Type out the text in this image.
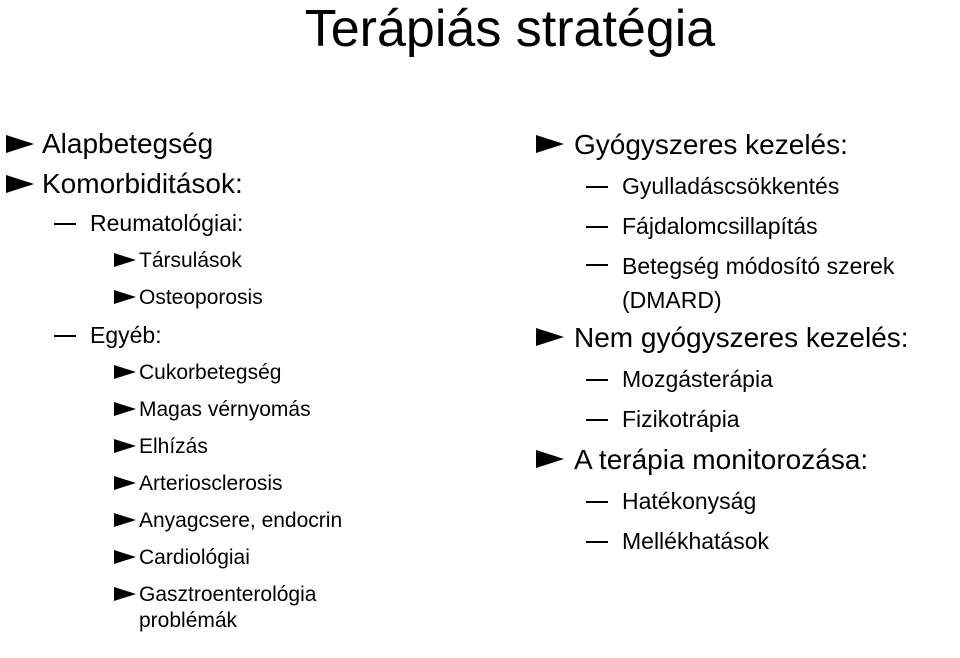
Terápiás stratégia
Alapbetegség
Komorbiditások:
Reumatológiai:
Társulások
Osteoporosis
Egyéb:
Cukorbetegség
Magas vérnyomás
Elhízás
Arteriosclerosis
Anyagcsere, endocrin
Cardiológiai
Gasztroenterológia problémák
Gyógyszeres kezelés:
Gyulladáscsökkentés
Fájdalomcsillapítás
Betegség módosító szerek (DMARD)
Nem gyógyszeres kezelés:
Mozgásterápia
Fizikotrápia
A terápia monitorozása:
Hatékonyság
Mellékhatások
